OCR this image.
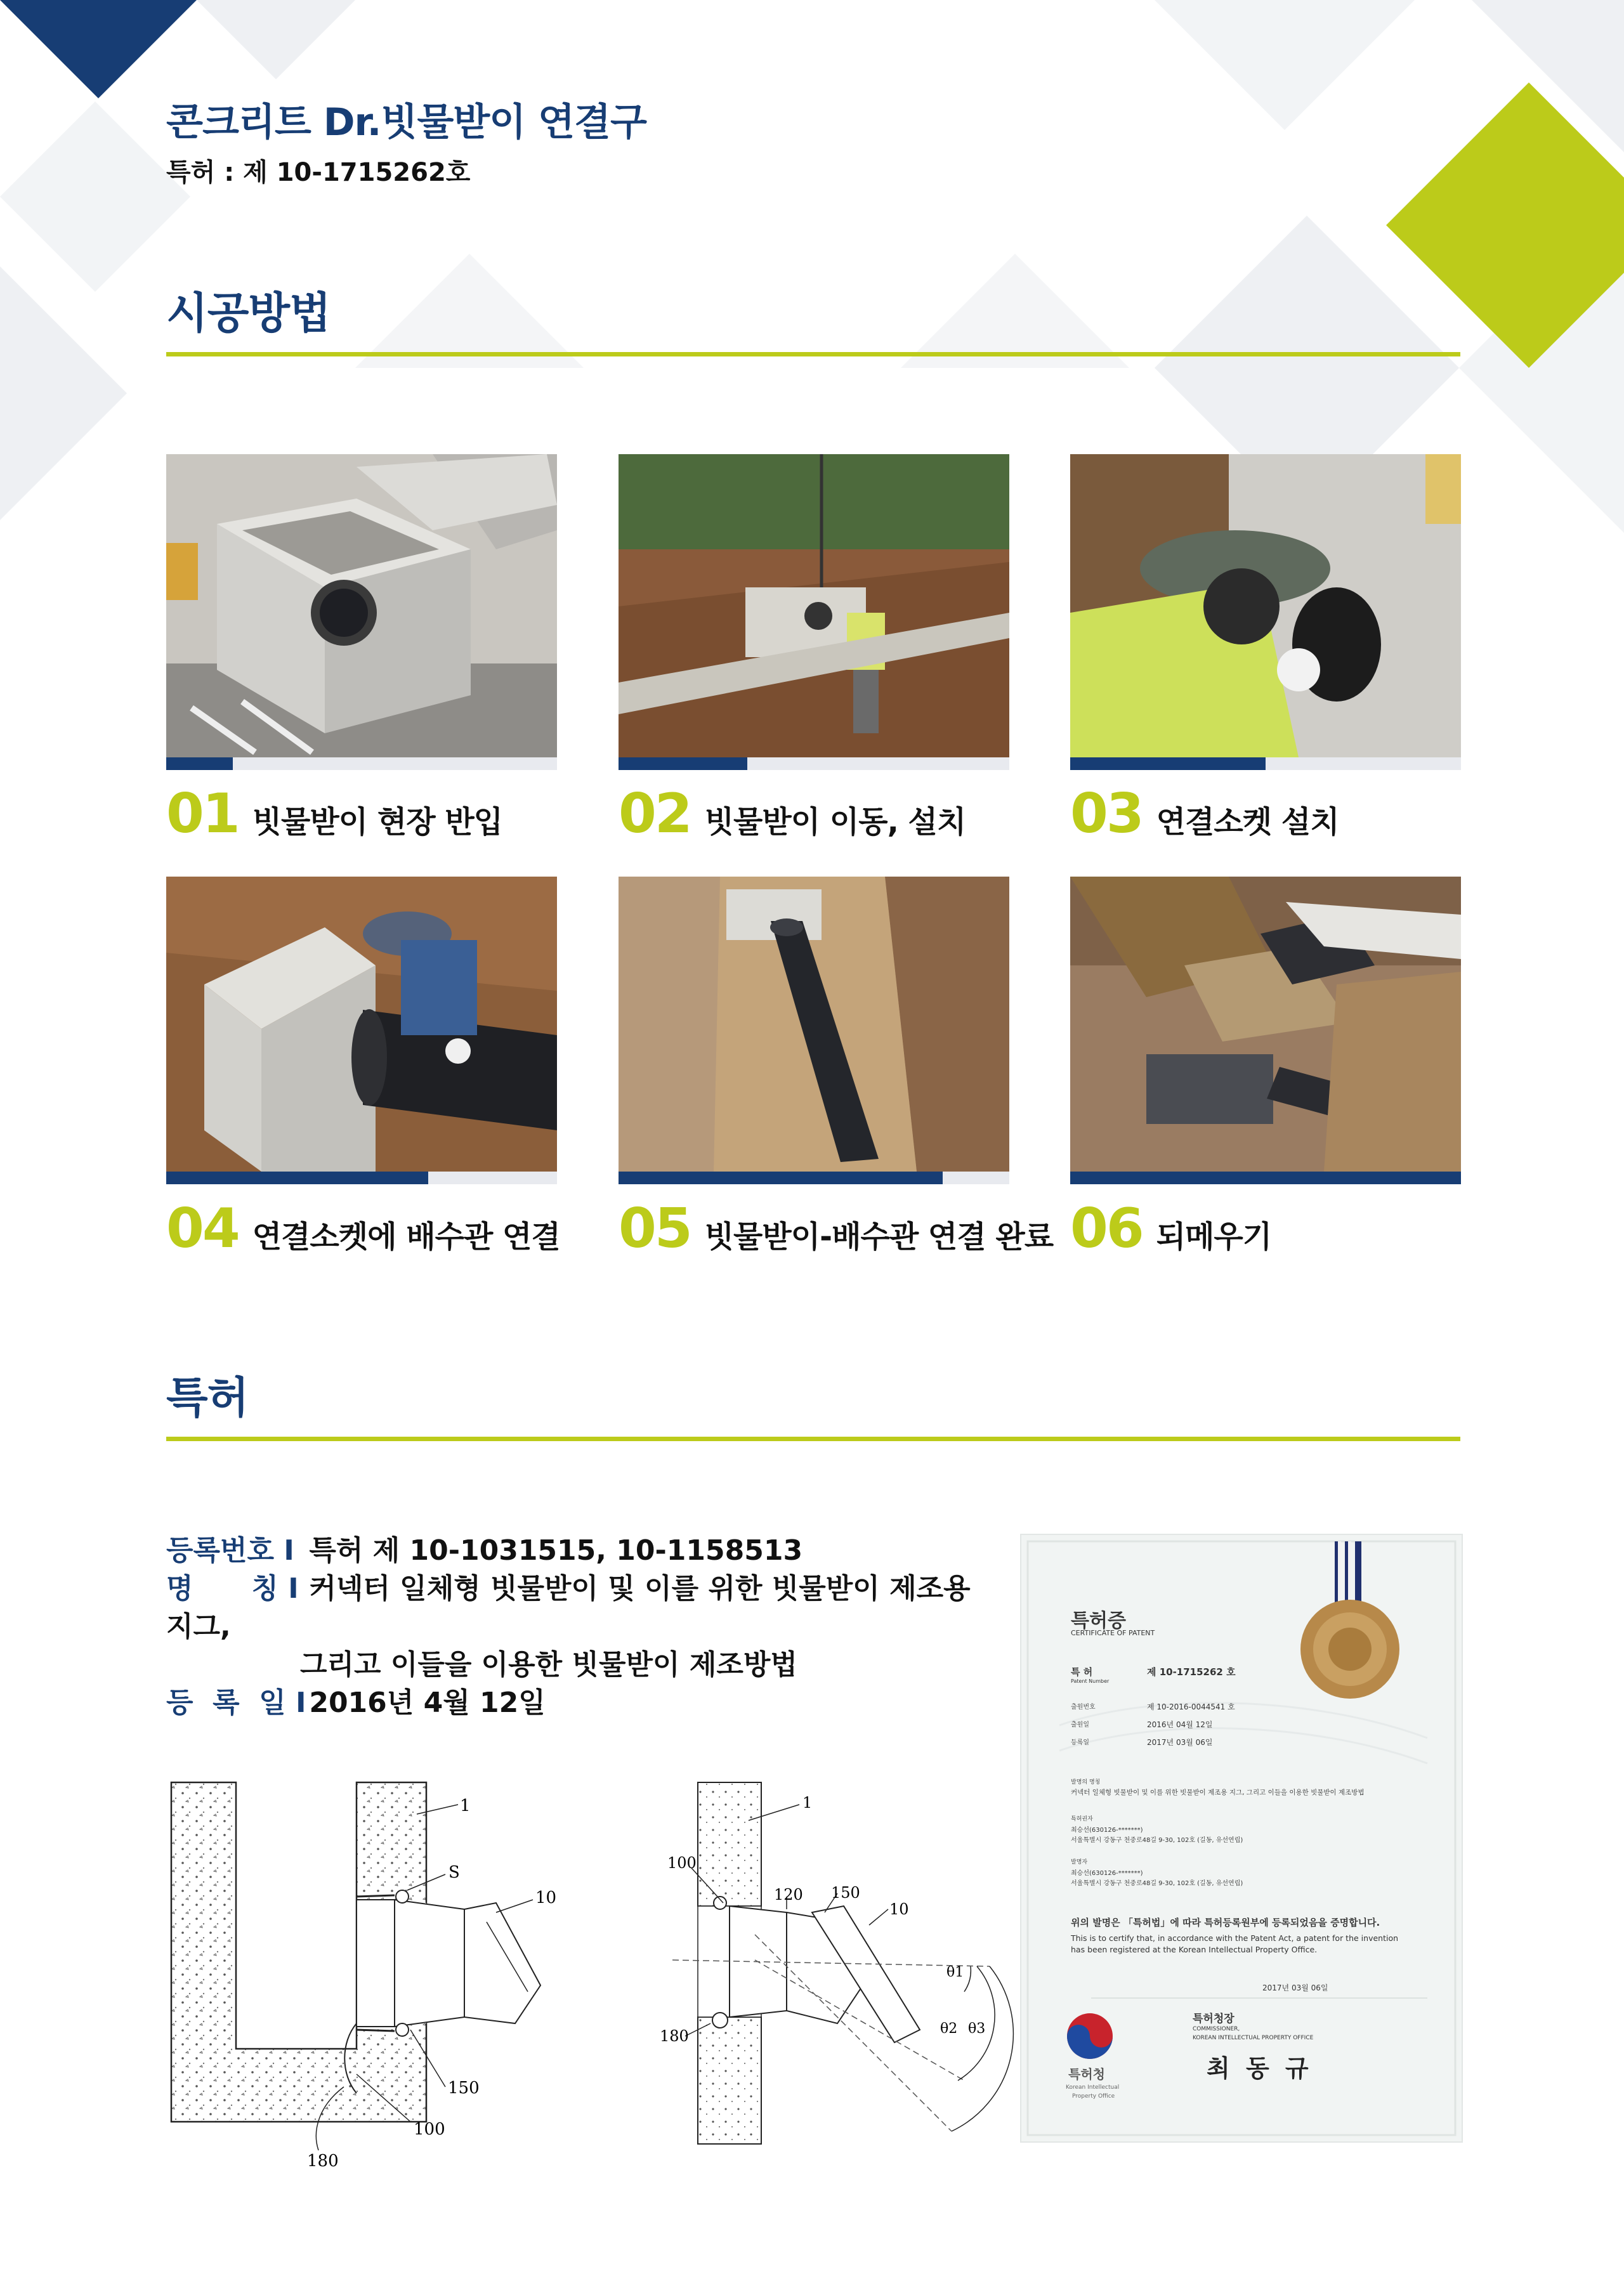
콘크리트 Dr.빗물받이 연결구
특허 : 제 10-1715262호
시공방법
01 빗물받이 현장 반입 02 빗물받이 이동, 설치 03 연결소켓 설치
04 연결소켓에 배수관 연결 05 빗물받이-배수관 연결 완료 06 되메우기
특허
등록번호 I 특허 제 10-1031515, 10-1158513
명      칭 I 커넥터 일체형 빗물받이 및 이를 위한 빗물받이 제조용 지그,
그리고 이들을 이용한 빗물받이 제조방법
등  록  일 I 2016년 4월 12일
1
S
10
150
100
180
1
100
120 150
10
180
θ1
θ2 θ3
특허증
CERTIFICATE OF PATENT
특 허
Patent Number
제 10-1715262 호
출원번호	제 10-2016-0044541 호
출원일	2016년 04월 12일
등록일	2017년 03월 06일
발명의 명칭
커넥터 일체형 빗물받이 및 이를 위한 빗물받이 제조용 지그, 그리고 이들을 이용한 빗물받이 제조방법
특허권자
최승선(630126-*******)
서울특별시 강동구 천중로48길 9-30, 102호 (길동, 유선연립)
발명자
최승선(630126-*******)
서울특별시 강동구 천중로48길 9-30, 102호 (길동, 유선연립)
위의 발명은 「특허법」에 따라 특허등록원부에 등록되었음을 증명합니다.
This is to certify that, in accordance with the Patent Act, a patent for the invention
has been registered at the Korean Intellectual Property Office.
2017년 03월 06일
특허청장
COMMISSIONER,
KOREAN INTELLECTUAL PROPERTY OFFICE
최 동 규
특허청
Korean Intellectual
Property Office
